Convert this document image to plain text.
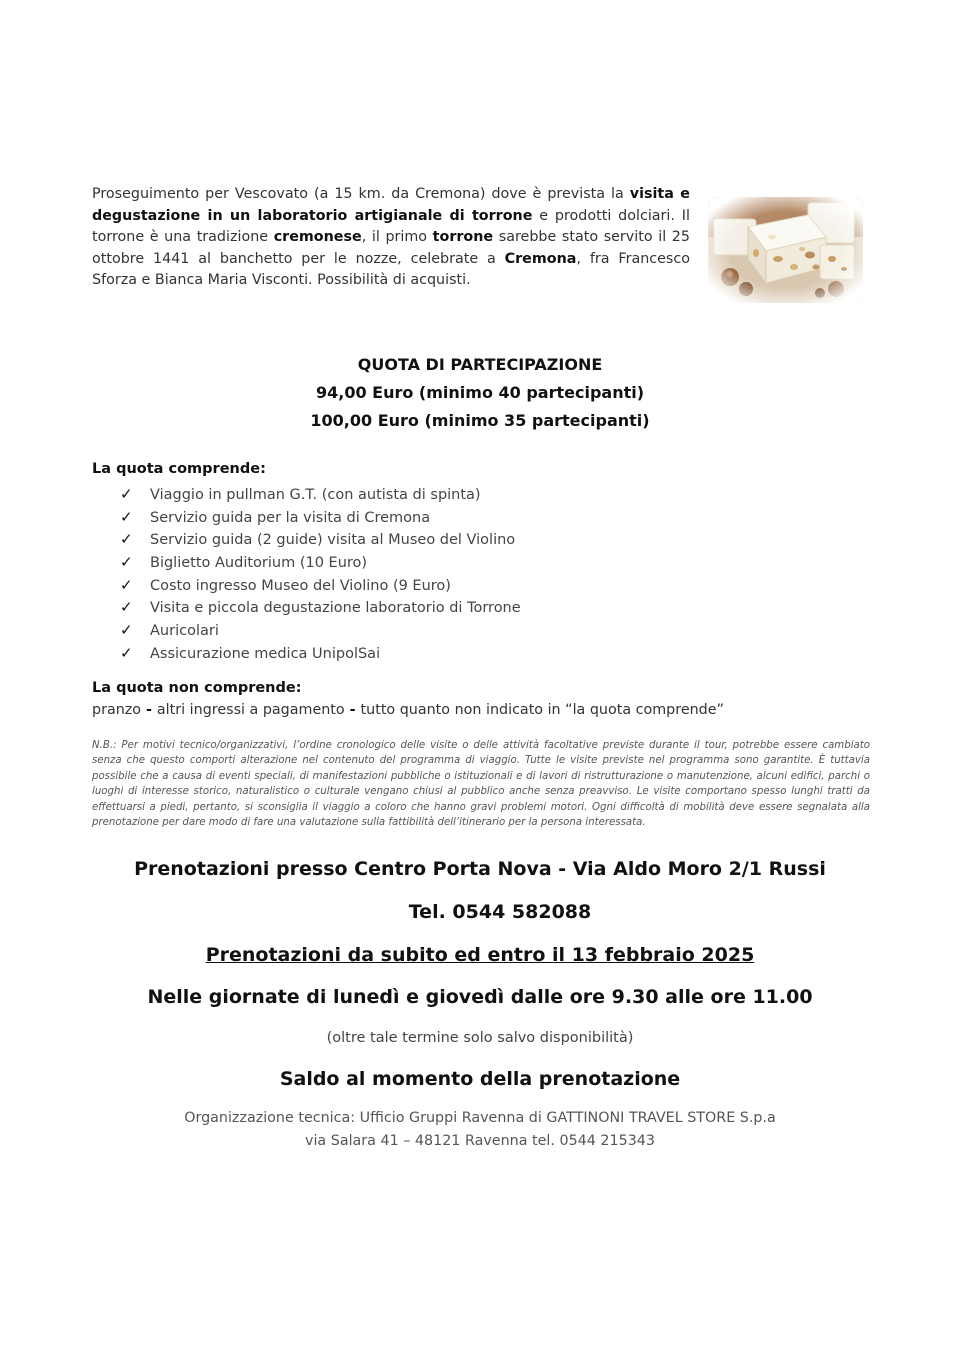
Proseguimento per Vescovato (a 15 km. da Cremona) dove è prevista la visita e degustazione in un laboratorio artigianale di torrone e prodotti dolciari. Il torrone è una tradizione cremonese, il primo torrone sarebbe stato servito il 25 ottobre 1441 al banchetto per le nozze, celebrate a Cremona, fra Francesco Sforza e Bianca Maria Visconti. Possibilità di acquisti.

QUOTA DI PARTECIPAZIONE
94,00 Euro (minimo 40 partecipanti)
100,00 Euro (minimo 35 partecipanti)
La quota comprende:
✓ Viaggio in pullman G.T. (con autista di spinta)
✓ Servizio guida per la visita di Cremona
✓ Servizio guida (2 guide) visita al Museo del Violino
✓ Biglietto Auditorium (10 Euro)
✓ Costo ingresso Museo del Violino (9 Euro)
✓ Visita e piccola degustazione laboratorio di Torrone
✓ Auricolari
✓ Assicurazione medica UnipolSai
La quota non comprende:
pranzo - altri ingressi a pagamento - tutto quanto non indicato in “la quota comprende”
N.B.: Per motivi tecnico/organizzativi, l’ordine cronologico delle visite o delle attività facoltative previste durante il tour, potrebbe essere cambiato senza che questo comporti alterazione nel contenuto del programma di viaggio. Tutte le visite previste nel programma sono garantite. È tuttavia possibile che a causa di eventi speciali, di manifestazioni pubbliche o istituzionali e di lavori di ristrutturazione o manutenzione, alcuni edifici, parchi o luoghi di interesse storico, naturalistico o culturale vengano chiusi al pubblico anche senza preavviso. Le visite comportano spesso lunghi tratti da effettuarsi a piedi, pertanto, si sconsiglia il viaggio a coloro che hanno gravi problemi motori. Ogni difficoltà di mobilità deve essere segnalata alla prenotazione per dare modo di fare una valutazione sulla fattibilità dell’itinerario per la persona interessata.
Prenotazioni presso Centro Porta Nova - Via Aldo Moro 2/1 Russi
Tel. 0544 582088
Prenotazioni da subito ed entro il 13 febbraio 2025
Nelle giornate di lunedì e giovedì dalle ore 9.30 alle ore 11.00
(oltre tale termine solo salvo disponibilità)
Saldo al momento della prenotazione
Organizzazione tecnica: Ufficio Gruppi Ravenna di GATTINONI TRAVEL STORE S.p.a
via Salara 41 – 48121 Ravenna tel. 0544 215343
